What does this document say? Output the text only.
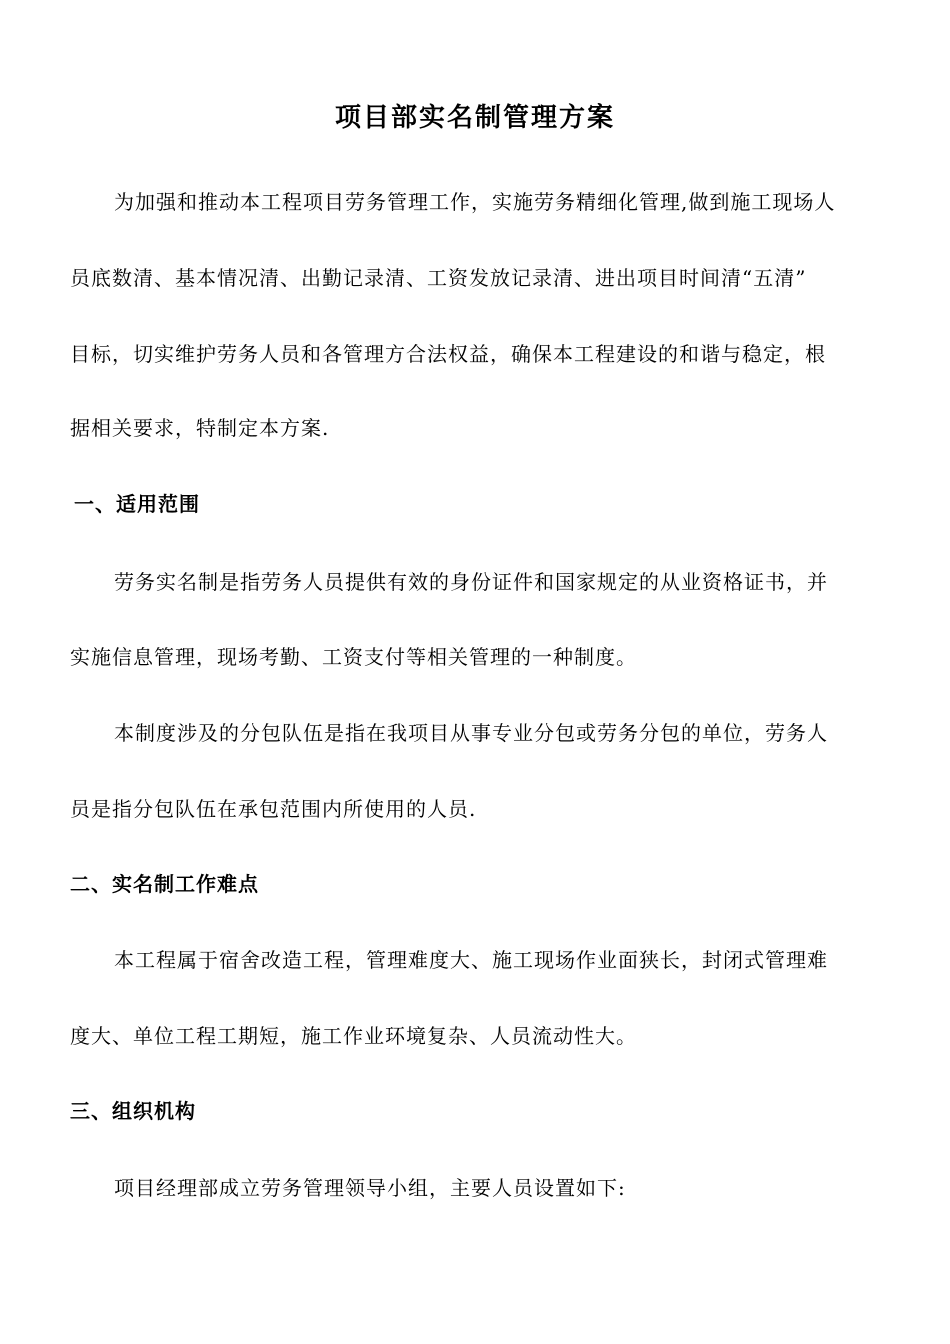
项目部实名制管理方案
为加强和推动本工程项目劳务管理工作，实施劳务精细化管理,做到施工现场人
员底数清、基本情况清、出勤记录清、工资发放记录清、进出项目时间清“五清”
目标，切实维护劳务人员和各管理方合法权益，确保本工程建设的和谐与稳定，根
据相关要求，特制定本方案.
一、适用范围
劳务实名制是指劳务人员提供有效的身份证件和国家规定的从业资格证书，并
实施信息管理，现场考勤、工资支付等相关管理的一种制度。
本制度涉及的分包队伍是指在我项目从事专业分包或劳务分包的单位，劳务人
员是指分包队伍在承包范围内所使用的人员.
二、实名制工作难点
本工程属于宿舍改造工程，管理难度大、施工现场作业面狭长，封闭式管理难
度大、单位工程工期短，施工作业环境复杂、人员流动性大。
三、组织机构
项目经理部成立劳务管理领导小组，主要人员设置如下:
